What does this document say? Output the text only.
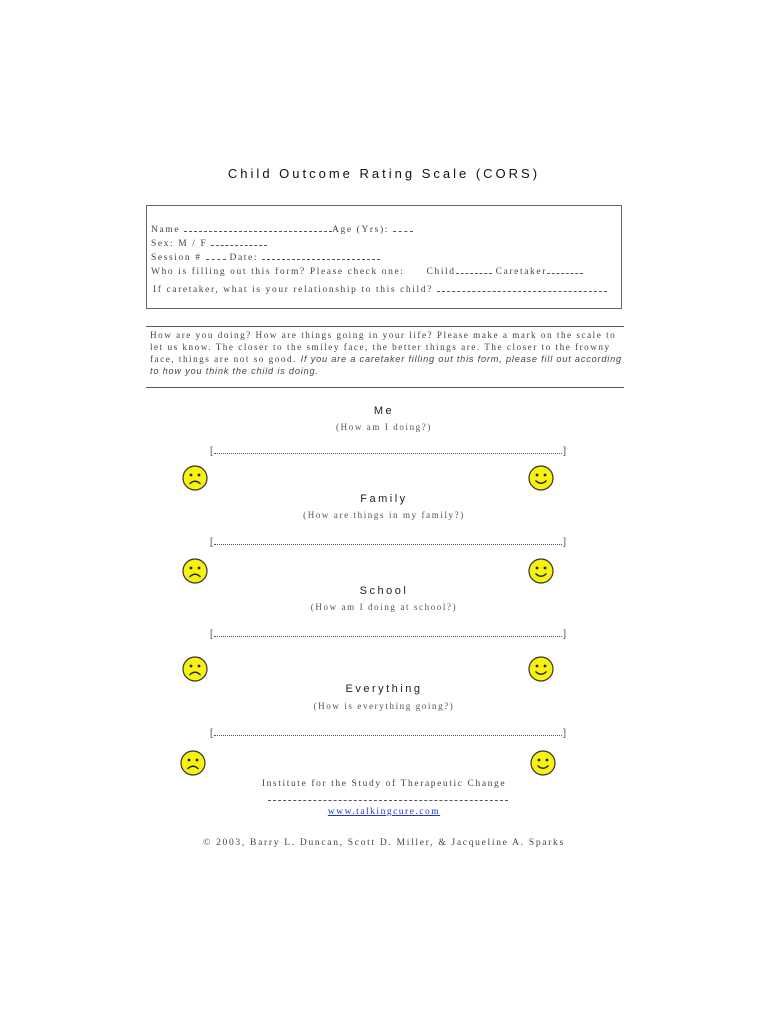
Child Outcome Rating Scale (CORS)
Name	Age (Yrs):
Sex: M / F
Session #	Date:
Who is filling out this form? Please check one: Child	Caretaker
If caretaker, what is your relationship to this child?

How are you doing? How are things going in your life? Please make a mark on the scale to let us know. The closer to the smiley face, the better things are. The closer to the frowny face, things are not so good. If you are a caretaker filling out this form, please fill out according to how you think the child is doing.

Me
(How am I doing?)
[	]
Family
(How are things in my family?)
[	]
School
(How am I doing at school?)
[	]
Everything
(How is everything going?)
[	]
Institute for the Study of Therapeutic Change
www.talkingcure.com
© 2003, Barry L. Duncan, Scott D. Miller, & Jacqueline A. Sparks
